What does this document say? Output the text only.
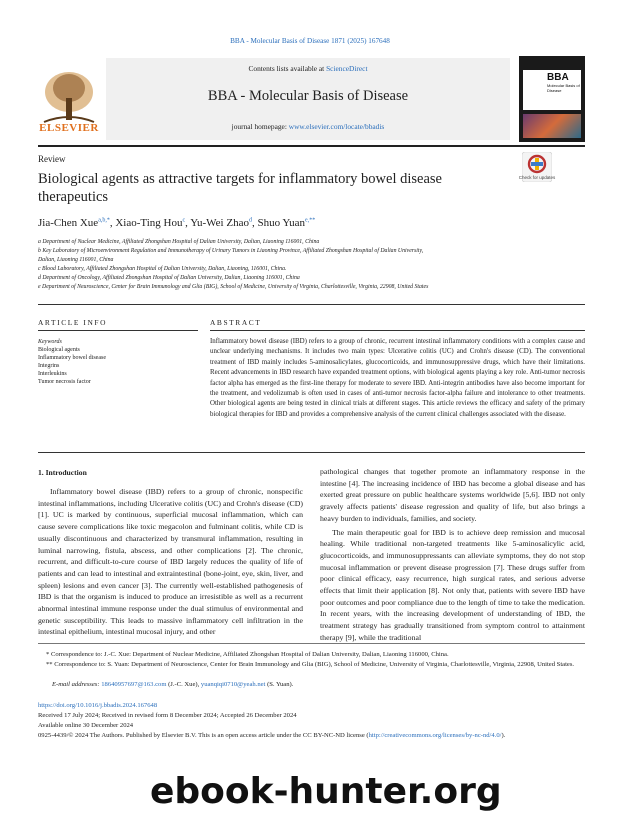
BBA - Molecular Basis of Disease 1871 (2025) 167648
Contents lists available at ScienceDirect
BBA - Molecular Basis of Disease
journal homepage: www.elsevier.com/locate/bbadis
ELSEVIER
BBA
Molecular Basis of Disease
Review
Biological agents as attractive targets for inflammatory bowel disease therapeutics
Check for updates
Jia-Chen Xue$^{a,b,*}$, Xiao-Ting Hou$^c$, Yu-Wei Zhao$^d$, Shuo Yuan$^{e,**}$
a Department of Nuclear Medicine, Affiliated Zhongshan Hospital of Dalian University, Dalian, Liaoning 116001, China
b Key Laboratory of Microenvironment Regulation and Immunotherapy of Urinary Tumors in Liaoning Province, Affiliated Zhongshan Hospital of Dalian University,
Dalian, Liaoning 116001, China
c Blood Laboratory, Affiliated Zhongshan Hospital of Dalian University, Dalian, Liaoning, 116001, China.
d Department of Oncology, Affiliated Zhongshan Hospital of Dalian University, Dalian, Liaoning 116001, China
e Department of Neuroscience, Center for Brain Immunology and Glia (BIG), School of Medicine, University of Virginia, Charlottesville, Virginia, 22908, United States
ARTICLE INFO	ABSTRACT
Keywords
Biological agents
Inflammatory bowel disease
Integrins
Interleukins
Tumor necrosis factor
Inflammatory bowel disease (IBD) refers to a group of chronic, recurrent intestinal inflammatory conditions with a complex cause and unclear underlying mechanisms. It includes two main types: Ulcerative colitis (UC) and Crohn's disease (CD). The conventional treatment of IBD mainly includes 5-aminosalicylates, glucocorticoids, and immunosuppressive drugs, which have their limitations. Recent advancements in IBD research have expanded treatment options, with biological agents playing a key role. Anti-tumor necrosis factor alpha has emerged as the first-line therapy for moderate to severe IBD. Anti-integrin antibodies have also become important for the treatment, and vedolizumab is often used in cases of anti-tumor necrosis factor-alpha failure and intolerance to other treatments. Other biological agents are being tested in clinical trials at different stages. This article reviews the efficacy and safety of the primary biological therapies for IBD and provides a comprehensive analysis of the current clinical challenges associated with the disease.
1. Introduction

Inflammatory bowel disease (IBD) refers to a group of chronic, nonspecific intestinal inflammations, including Ulcerative colitis (UC) and Crohn's disease (CD) [1]. UC is marked by continuous, superficial mucosal inflammation, which can cause severe complications like toxic megacolon and fulminant colitis, while CD is usually discontinuous and characterized by transmural inflammation, resulting in luminal narrowing, fistula, abscess, and other complications [2]. The chronic, recurrent, and difficult-to-cure course of IBD largely reduces the quality of life of patients and can lead to intestinal and extraintestinal (bone-joint, eye, skin, liver, and spleen) lesions and even cancer [3]. The currently well-established pathogenesis of IBD is that the organism is induced to produce an irresistible as well as a recurrent abnormal intestinal immune response under the dual stimulus of environmental and genetic susceptibility. This leads to massive inflammatory cell infiltration in the intestinal epithelium, intestinal mucosal injury, and other

pathological changes that together promote an inflammatory response in the intestine [4]. The increasing incidence of IBD has become a global disease and has exerted great pressure on public healthcare systems worldwide [5,6]. IBD not only gravely affects patients' disease regression and quality of life, but also brings a heavy burden to individuals, families, and society.

The main therapeutic goal for IBD is to achieve deep remission and mucosal healing. While traditional non-targeted treatments like 5-aminosalicylic acid, glucocorticoids, and immunosuppressants can alleviate symptoms, they do not stop mucosal inflammation or prevent disease progression [7]. These drugs suffer from poor clinical efficacy, easy recurrence, high surgical rates, and serious adverse effects that limit their application [8]. Not only that, patients with severe IBD have poor outcomes and poor compliance due to the length of time to take the medication. In recent years, with the increasing development of understanding of IBD, the treatment strategy has gradually transitioned from symptom control to attainment therapy [9], while the traditional

* Correspondence to: J.-C. Xue: Department of Nuclear Medicine, Affiliated Zhongshan Hospital of Dalian University, Dalian, Liaoning 116000, China.
** Correspondence to: S. Yuan: Department of Neuroscience, Center for Brain Immunology and Glia (BIG), School of Medicine, University of Virginia, Charlottesville, Virginia, 22908, United States.
E-mail addresses: 18640957697@163.com (J.-C. Xue), yuanqiqi0710@yeah.net (S. Yuan).
https://doi.org/10.1016/j.bbadis.2024.167648
Received 17 July 2024; Received in revised form 8 December 2024; Accepted 26 December 2024
Available online 30 December 2024
0925-4439/© 2024 The Authors. Published by Elsevier B.V. This is an open access article under the CC BY-NC-ND license (http://creativecommons.org/licenses/by-nc-nd/4.0/).
ebook-hunter.org
